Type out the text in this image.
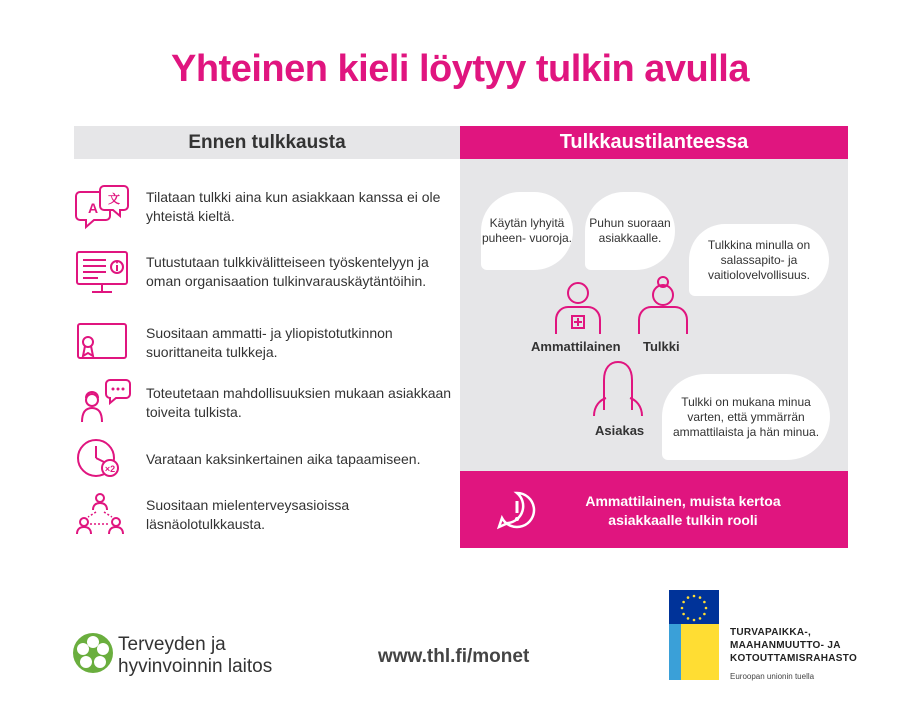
Yhteinen kieli löytyy tulkin avulla
Ennen tulkkausta	Tulkkaustilanteessa
A
文 Tilataan tulkki aina kun asiakkaan kanssa ei ole yhteistä kieltä.
Tutustutaan tulkkivälitteiseen työskentelyyn ja oman organisaation tulkinvarauskäytäntöihin.
Suositaan ammatti- ja yliopistotutkinnon suorittaneita tulkkeja.
Toteutetaan mahdollisuuksien mukaan asiakkaan toiveita tulkista.
×2
Varataan kaksinkertainen aika tapaamiseen.
Suositaan mielenterveysasioissa läsnäolotulkkausta.
Käytän lyhyitä puheen- vuoroja.
Puhun suoraan asiakkaalle.	Tulkkina minulla on salassapito- ja vaitiolovelvollisuus.
Tulkki on mukana minua varten, että ymmärrän ammattilaista ja hän minua.
Ammattilainen Tulkki
Asiakas
Ammattilainen, muista kertoa asiakkaalle tulkin rooli
Terveyden ja
hyvinvoinnin laitos	www.thl.fi/monet
TURVAPAIKKA-,
MAAHANMUUTTO- JA
KOTOUTTAMISRAHASTO
Euroopan unionin tuella
